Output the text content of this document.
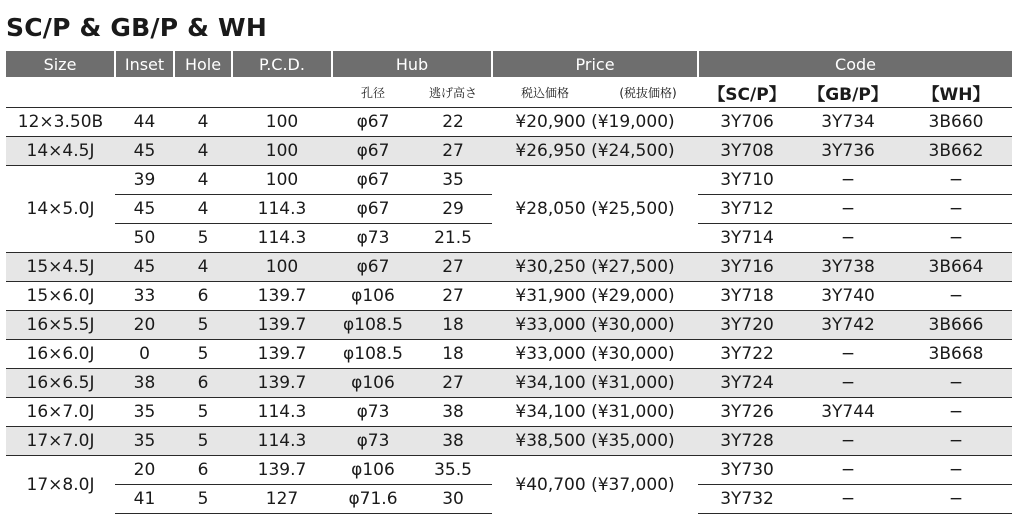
SC/P & GB/P & WH
Size	Inset	Hole	P.C.D.	Hub		Price		Code		
				孔径	逃げ高さ	税込価格	(税抜価格)	【SC/P】	【GB/P】	【WH】
12×3.50B	44	4	100	φ67	22	¥20,900 (¥19,000)		3Y706	3Y734	3B660
14×4.5J	45	4	100	φ67	27	¥26,950 (¥24,500)		3Y708	3Y736	3B662
14×5.0J	39	4	100	φ67	35	¥28,050 (¥25,500)		3Y710	−	−
	45	4	114.3	φ67	29			3Y712	−	−
	50	5	114.3	φ73	21.5			3Y714	−	−
15×4.5J	45	4	100	φ67	27	¥30,250 (¥27,500)		3Y716	3Y738	3B664
15×6.0J	33	6	139.7	φ106	27	¥31,900 (¥29,000)		3Y718	3Y740	−
16×5.5J	20	5	139.7	φ108.5	18	¥33,000 (¥30,000)		3Y720	3Y742	3B666
16×6.0J	0	5	139.7	φ108.5	18	¥33,000 (¥30,000)		3Y722	−	3B668
16×6.5J	38	6	139.7	φ106	27	¥34,100 (¥31,000)		3Y724	−	−
16×7.0J	35	5	114.3	φ73	38	¥34,100 (¥31,000)		3Y726	3Y744	−
17×7.0J	35	5	114.3	φ73	38	¥38,500 (¥35,000)		3Y728	−	−
17×8.0J	20	6	139.7	φ106	35.5	¥40,700 (¥37,000)		3Y730	−	−
	41	5	127	φ71.6	30			3Y732	−	−
